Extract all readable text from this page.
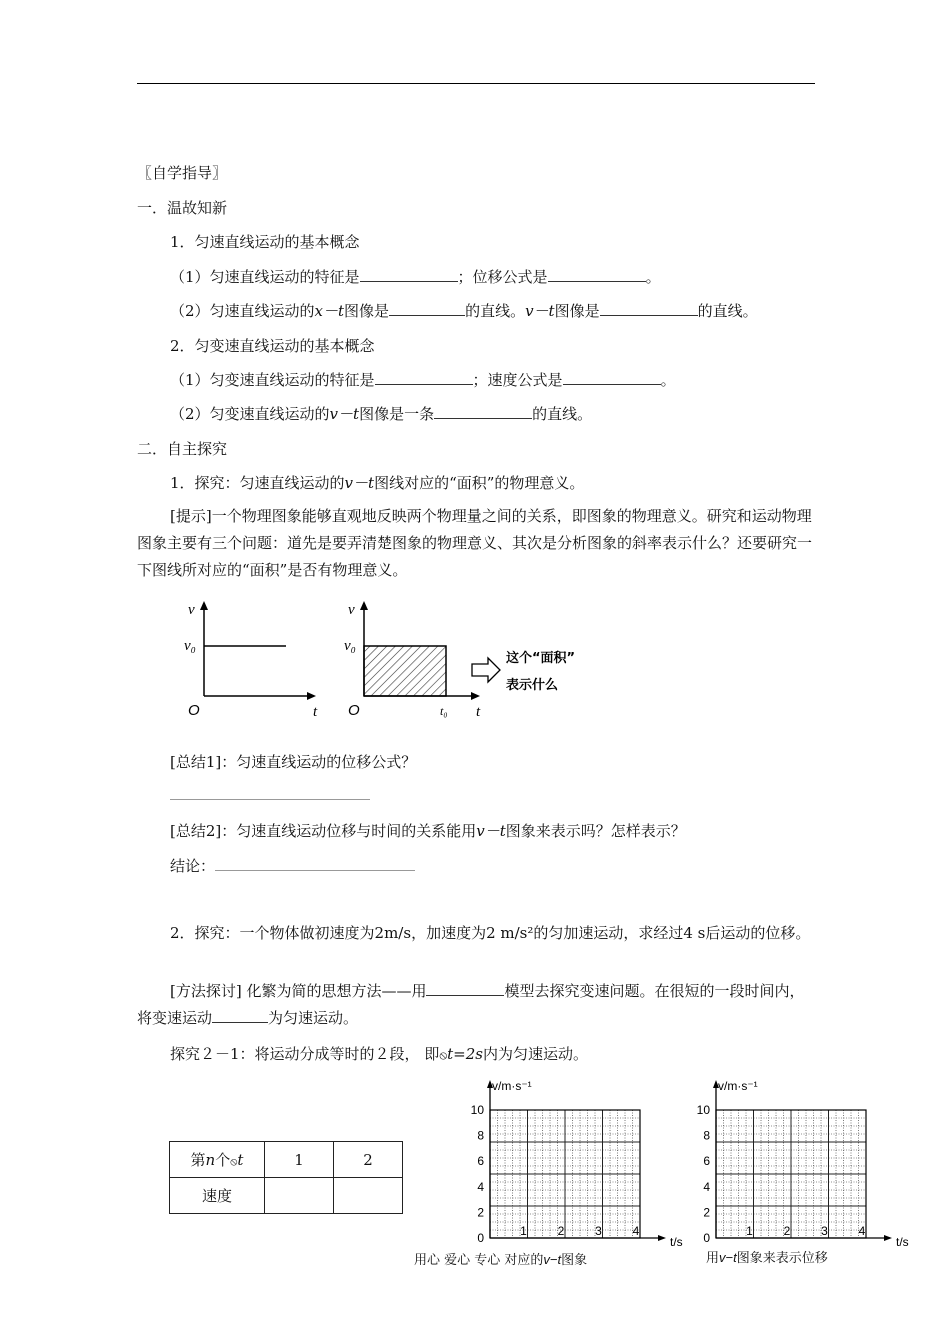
〖自学指导〗
一．温故知新
1．匀速直线运动的基本概念
（1）匀速直线运动的特征是	；位移公式是	。
（2）匀速直线运动的x－t图像是	的直线。v－t图像是	的直线。
2．匀变速直线运动的基本概念
（1）匀变速直线运动的特征是	；速度公式是	。
（2）匀变速直线运动的v－t图像是一条	的直线。
二．自主探究
1．探究：匀速直线运动的v－t图线对应的“面积”的物理意义。
[提示]一个物理图象能够直观地反映两个物理量之间的关系，即图象的物理意义。研究和运动物理图象主要有三个问题：道先是要弄清楚图象的物理意义、其次是分析图象的斜率表示什么？还要研究一下图线所对应的“面积”是否有物理意义。
v
v₀
O	t
v
v₀
O	t₀ t
这个“面积”
表示什么
[总结1]：匀速直线运动的位移公式？
[总结2]：匀速直线运动位移与时间的关系能用v－t图象来表示吗？怎样表示？
结论：
2．探究：一个物体做初速度为2m/s，加速度为2 m/s²的匀加速运动，求经过4 s后运动的位移。
[方法探讨] 化繁为简的思想方法——用	模型去探究变速问题。在很短的一段时间内，将变速运动	为匀速运动。
探究２－1：将运动分成等时的２段， 即⦸t=2s内为匀速运动。
第n个⦸t	1	2
速度		
v/m·s⁻¹
t/s
0
2
4
6
8
10
1	2	3	4
v/m·s⁻¹
t/s
0
2
4
6
8
10
1	2	3	4
用心 爱心 专心 对应的v−t图象	用v−t图象来表示位移
